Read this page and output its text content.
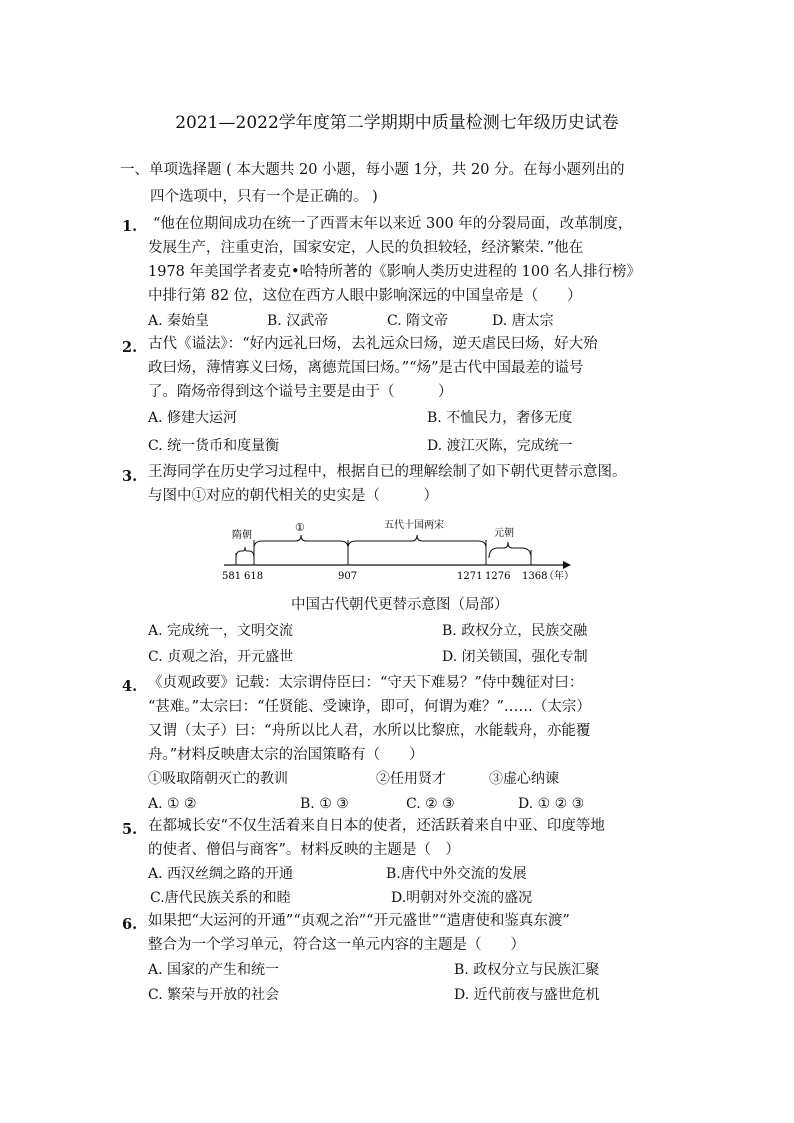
2021—2022学年度第二学期期中质量检测七年级历史试卷
一、单项选择题 ( 本大题共 20 小题，每小题 1分，共 20 分。在每小题列出的
四个选项中，只有一个是正确的。 )
1. “他在位期间成功在统一了西晋末年以来近 300 年的分裂局面，改革制度，
发展生产，注重吏治，国家安定，人民的负担较轻，经济繁荣．”他在
1978 年美国学者麦克•哈特所著的《影响人类历史进程的 100 名人排行榜》
中排行第 82 位，这位在西方人眼中影响深远的中国皇帝是（　　）
A. 秦始皇	B. 汉武帝	C. 隋文帝	D. 唐太宗
2. 古代《谥法》：“好内远礼曰炀，去礼远众曰炀，逆天虐民曰炀，好大殆
政曰炀，薄情寡义曰炀，离德荒国曰炀。”“炀”是古代中国最差的谥号
了。隋炀帝得到这个谥号主要是由于（　　　）
A. 修建大运河	B. 不恤民力，奢侈无度
C. 统一货币和度量衡	D. 渡江灭陈，完成统一
3. 王海同学在历史学习过程中，根据自已的理解绘制了如下朝代更替示意图。
与图中①对应的朝代相关的史实是（　　　）
隋朝
①	五代十国两宋
元朝
581 618	907	1271 1276 1368
（年）
中国古代朝代更替示意图（局部）
A. 完成统一，文明交流	B. 政权分立，民族交融
C. 贞观之治，开元盛世	D. 闭关锁国，强化专制
4. 《贞观政要》记载：太宗谓侍臣曰：“守天下难易？”侍中魏征对曰：
“甚难。”太宗曰：“任贤能、受谏诤，即可，何谓为难？”……（太宗）
又谓（太子）曰：“舟所以比人君，水所以比黎庶，水能载舟，亦能覆
舟。”材料反映唐太宗的治国策略有（　　）
①吸取隋朝灭亡的教训	②任用贤才	③虚心纳谏
A. ① ②	B. ① ③	C. ② ③	D. ① ② ③
5. 在都城长安“不仅生活着来自日本的使者，还活跃着来自中亚、印度等地
的使者、僧侣与商客”。材料反映的主题是（　）
A. 西汉丝绸之路的开通	B.唐代中外交流的发展
C.唐代民族关系的和睦	D.明朝对外交流的盛况
6. 如果把“大运河的开通”“贞观之治”“开元盛世”“遣唐使和鉴真东渡”
整合为一个学习单元，符合这一单元内容的主题是（　　）
A. 国家的产生和统一	B. 政权分立与民族汇聚
C. 繁荣与开放的社会	D. 近代前夜与盛世危机
